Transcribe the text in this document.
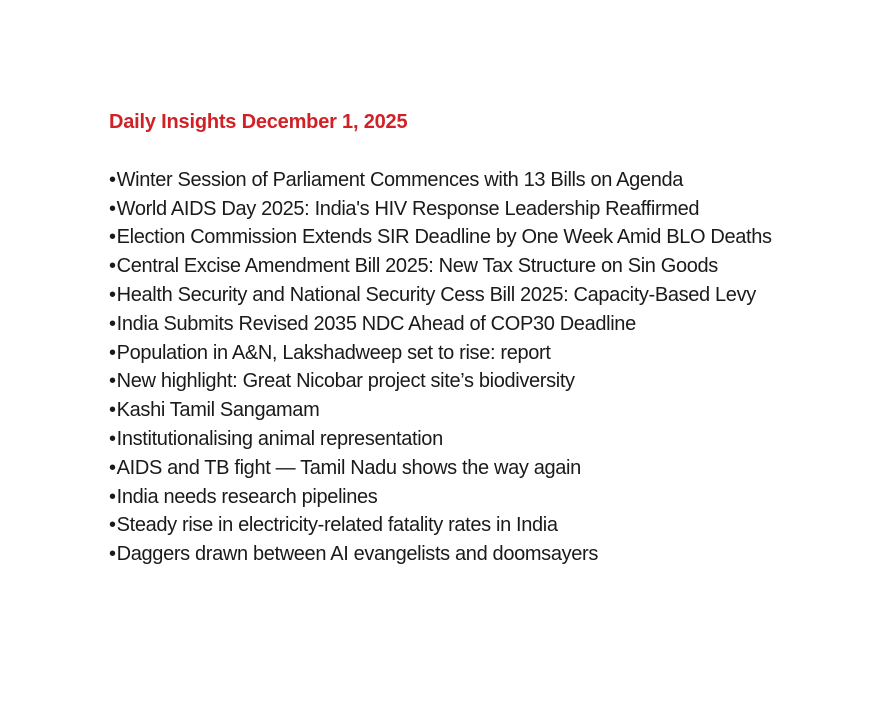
Daily Insights December 1, 2025
•Winter Session of Parliament Commences with 13 Bills on Agenda
•World AIDS Day 2025: India's HIV Response Leadership Reaffirmed
•Election Commission Extends SIR Deadline by One Week Amid BLO Deaths
•Central Excise Amendment Bill 2025: New Tax Structure on Sin Goods
•Health Security and National Security Cess Bill 2025: Capacity-Based Levy
•India Submits Revised 2035 NDC Ahead of COP30 Deadline
•Population in A&N, Lakshadweep set to rise: report
•New highlight: Great Nicobar project site’s biodiversity
•Kashi Tamil Sangamam
•Institutionalising animal representation
•AIDS and TB fight — Tamil Nadu shows the way again
•India needs research pipelines
•Steady rise in electricity-related fatality rates in India
•Daggers drawn between AI evangelists and doomsayers
